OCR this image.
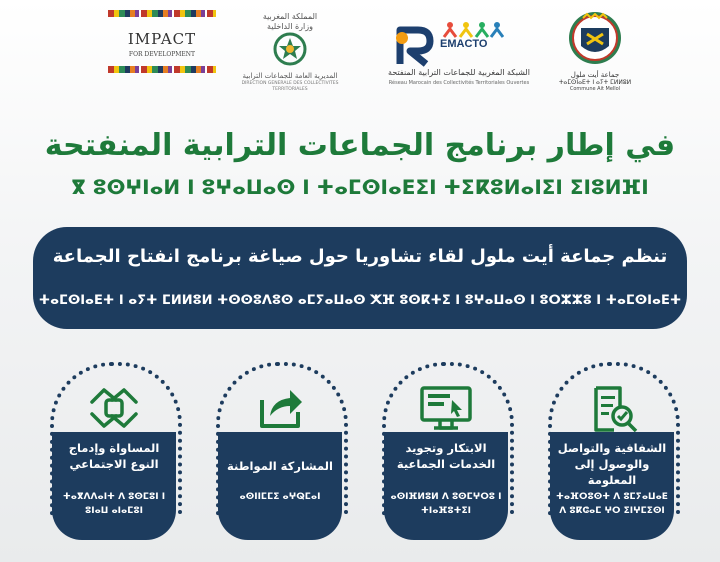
IMPACT
FOR DEVELOPMENT
المملكة المغربية
وزارة الداخلية
المديرية العامة للجماعات الترابية
DIRECTION GENERALE DES COLLECTIVITES TERRITORIALES
EMACTO
الشبكة المغربية للجماعات الترابية المنفتحة
Réseau Marocain des Collectivités Territoriales Ouvertes
جماعة أيت ملول
ⵜⴰⵎⵙⵏⴰⴹⵜ ⵏ ⴰⵢⵜ ⵎⵍⵍⵓⵍ
Commune Ait Mellol
في إطار برنامج الجماعات الترابية المنفتحة
ⴳ ⵓⵙⵖⵏⴰⵍ ⵏ ⵓⵖⴰⵡⴰⵙ ⵏ ⵜⴰⵎⵙⵏⴰⴹⵉⵏ ⵜⵉⴽⵓⵍⴰⵏⵉⵏ ⵉⵏⵓⵍⴼⵏ
تنظم جماعة أيت ملول لقاء تشاوريا حول صياغة برنامج انفتاح الجماعة
ⵜⴰⵎⵙⵏⴰⴹⵜ ⵏ ⴰⵢⵜ ⵎⵍⵍⵓⵍ ⵜⵙⵙⵓⴷⵓⵙ ⴰⵎⵢⴰⵡⴰⵙ ⵅⴼ ⵓⵙⴽⵜⵉ ⵏ ⵓⵖⴰⵡⴰⵙ ⵏ ⵓⵔⵣⵣⵓ ⵏ ⵜⴰⵎⵙⵏⴰⴹⵜ
المساواة وإدماج النوع الاجتماعي
ⵜⴰⴳⴷⴷⴰⵏⵜ ⴷ ⵓⵙⵎⵓⵏ ⵏ ⵓⵏⴰⵡ ⴰⵏⴰⵎⵓⵏ
المشاركة المواطنة
ⴰⵙⵏⵏⵎⵎⵉ ⴰⵖⵕⵎⴰⵏ
الابتكار وتجويد الخدمات الجماعية
ⴰⵙⵏⴼⵍⵓⵍ ⴷ ⵓⵙⵎⵖⵔⵓ ⵏ ⵜⵏⴰⴼⵓⵜⵉⵏ
الشفافية والتواصل والوصول إلى المعلومة
ⵜⴰⴼⵔⵓⵙⵜ ⴷ ⵓⵎⵢⴰⵡⴰⴹ ⴷ ⵓⴽⵛⴰⵎ ⵖⵔ ⵉⵏⵖⵎⵉⵙⵏ
